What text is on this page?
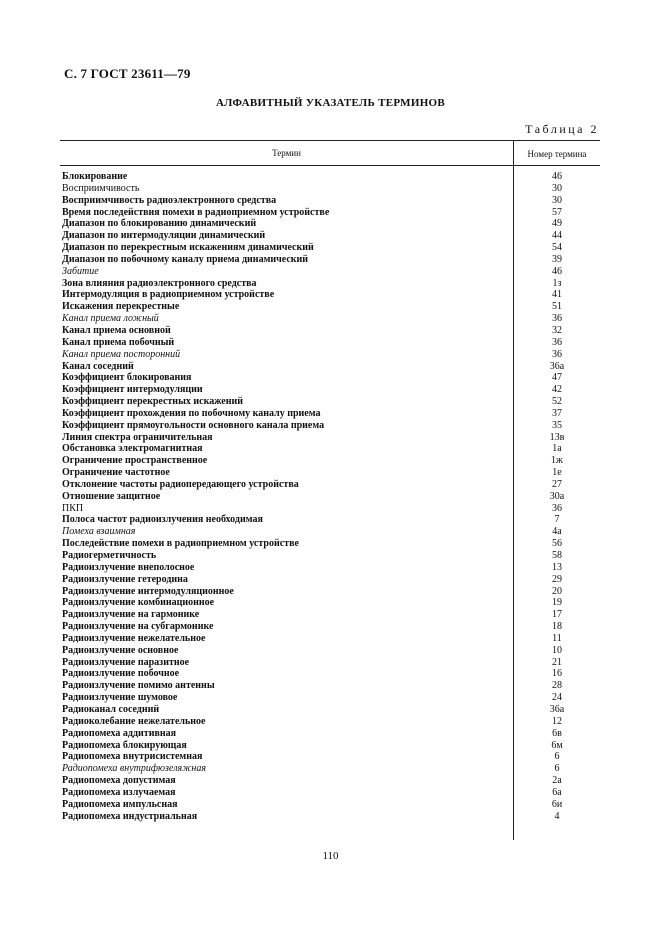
С. 7 ГОСТ 23611—79
АЛФАВИТНЫЙ УКАЗАТЕЛЬ ТЕРМИНОВ
Таблица 2
Термин	Номер термина
Блокирование	46
Восприимчивость	30
Восприимчивость радиоэлектронного средства	30
Время последействия помехи в радиоприемном устройстве	57
Диапазон по блокированию динамический	49
Диапазон по интермодуляции динамический	44
Диапазон по перекрестным искажениям динамический	54
Диапазон по побочному каналу приема динамический	39
Забитие	46
Зона влияния радиоэлектронного средства	1з
Интермодуляция в радиоприемном устройстве	41
Искажения перекрестные	51
Канал приема ложный	36
Канал приема основной	32
Канал приема побочный	36
Канал приема посторонний	36
Канал соседний	36а
Коэффициент блокирования	47
Коэффициент интермодуляции	42
Коэффициент перекрестных искажений	52
Коэффициент прохождения по побочному каналу приема	37
Коэффициент прямоугольности основного канала приема	35
Линия спектра ограничительная	13в
Обстановка электромагнитная	1а
Ограничение пространственное	1ж
Ограничение частотное	1е
Отклонение частоты радиопередающего устройства	27
Отношение защитное	30а
ПКП	36
Полоса частот радиоизлучения необходимая	7
Помеха взаимная	4а
Последействие помехи в радиоприемном устройстве	56
Радиогерметичность	58
Радиоизлучение внеполосное	13
Радиоизлучение гетеродина	29
Радиоизлучение интермодуляционное	20
Радиоизлучение комбинационное	19
Радиоизлучение на гармонике	17
Радиоизлучение на субгармонике	18
Радиоизлучение нежелательное	11
Радиоизлучение основное	10
Радиоизлучение паразитное	21
Радиоизлучение побочное	16
Радиоизлучение помимо антенны	28
Радиоизлучение шумовое	24
Радиоканал соседний	36а
Радиоколебание нежелательное	12
Радиопомеха аддитивная	6в
Радиопомеха блокирующая	6м
Радиопомеха внутрисистемная	6
Радиопомеха внутрифюзеляжная	6
Радиопомеха допустимая	2а
Радиопомеха излучаемая	6а
Радиопомеха импульсная	6и
Радиопомеха индустриальная	4
110
